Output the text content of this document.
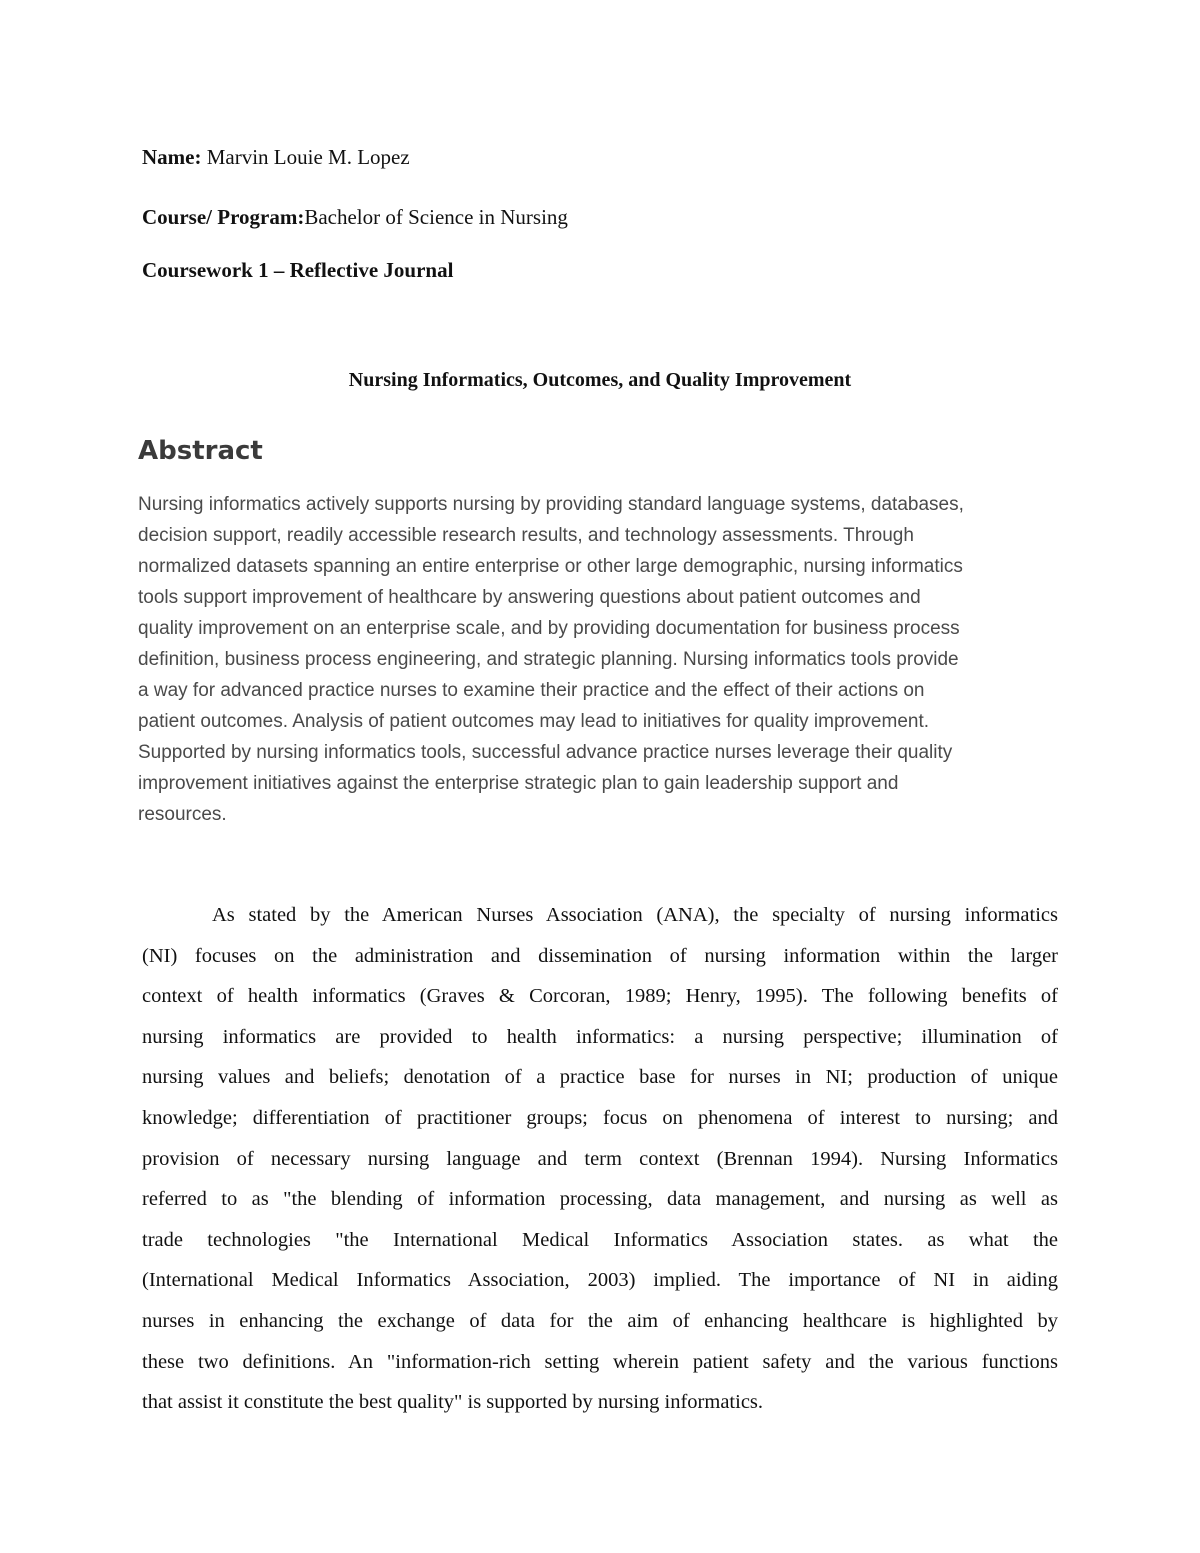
Name: Marvin Louie M. Lopez
Course/ Program:Bachelor of Science in Nursing
Coursework 1 – Reflective Journal
Nursing Informatics, Outcomes, and Quality Improvement
Abstract
Nursing informatics actively supports nursing by providing standard language systems, databases,
decision support, readily accessible research results, and technology assessments. Through
normalized datasets spanning an entire enterprise or other large demographic, nursing informatics
tools support improvement of healthcare by answering questions about patient outcomes and
quality improvement on an enterprise scale, and by providing documentation for business process
definition, business process engineering, and strategic planning. Nursing informatics tools provide
a way for advanced practice nurses to examine their practice and the effect of their actions on
patient outcomes. Analysis of patient outcomes may lead to initiatives for quality improvement.
Supported by nursing informatics tools, successful advance practice nurses leverage their quality
improvement initiatives against the enterprise strategic plan to gain leadership support and
resources.
As stated by the American Nurses Association (ANA), the specialty of nursing informatics
(NI) focuses on the administration and dissemination of nursing information within the larger
context of health informatics (Graves & Corcoran, 1989; Henry, 1995). The following benefits of
nursing informatics are provided to health informatics: a nursing perspective; illumination of
nursing values and beliefs; denotation of a practice base for nurses in NI; production of unique
knowledge; differentiation of practitioner groups; focus on phenomena of interest to nursing; and
provision of necessary nursing language and term context (Brennan 1994). Nursing Informatics
referred to as "the blending of information processing, data management, and nursing as well as
trade technologies "the International Medical Informatics Association states. as what the
(International Medical Informatics Association, 2003) implied. The importance of NI in aiding
nurses in enhancing the exchange of data for the aim of enhancing healthcare is highlighted by
these two definitions. An "information-rich setting wherein patient safety and the various functions
that assist it constitute the best quality" is supported by nursing informatics.
